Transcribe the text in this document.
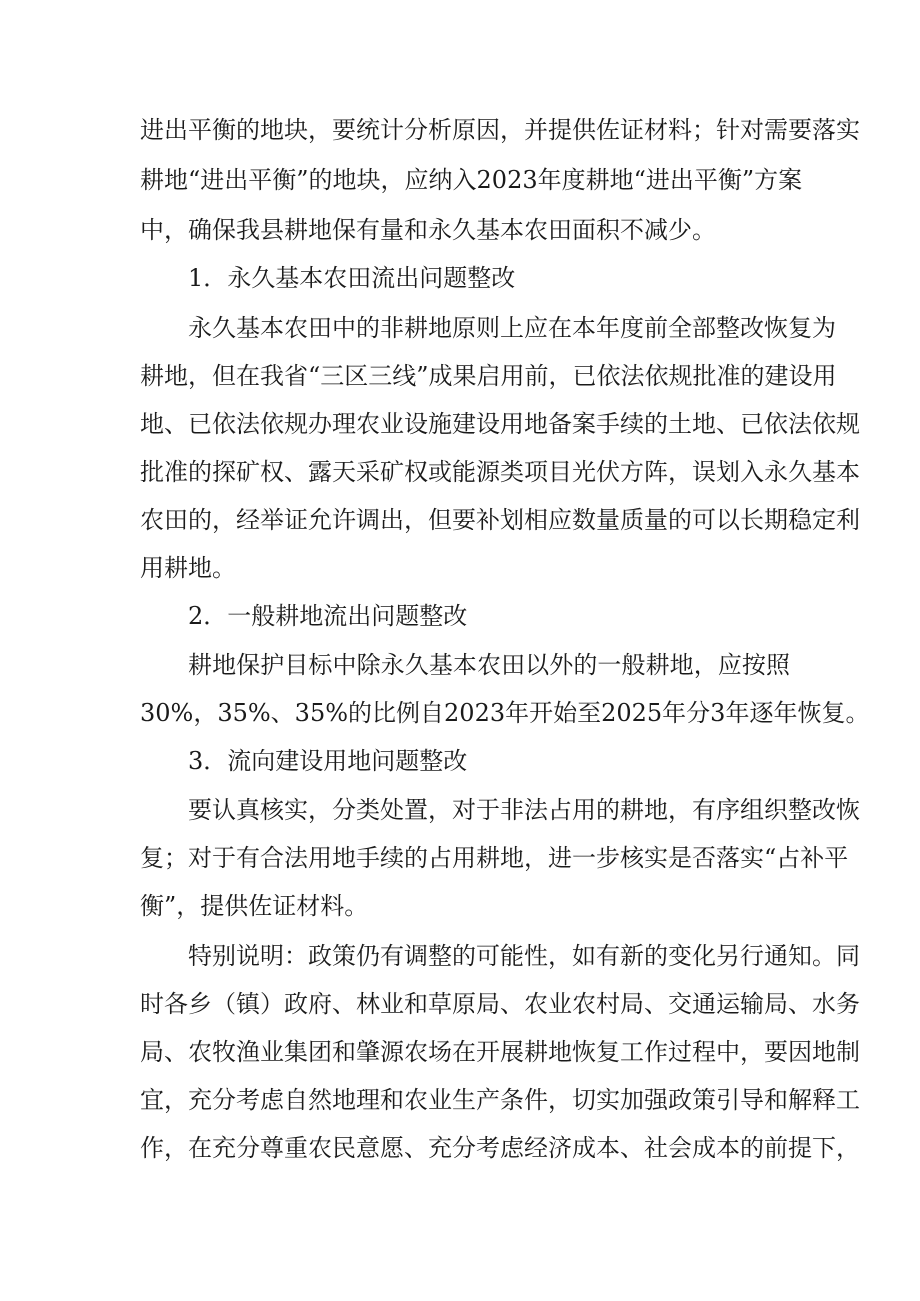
进出平衡的地块，要统计分析原因，并提供佐证材料；针对需要落实
耕地“进出平衡”的地块，应纳入2023年度耕地“进出平衡”方案
中，确保我县耕地保有量和永久基本农田面积不减少。
1．永久基本农田流出问题整改
永久基本农田中的非耕地原则上应在本年度前全部整改恢复为
耕地，但在我省“三区三线”成果启用前，已依法依规批准的建设用
地、已依法依规办理农业设施建设用地备案手续的土地、已依法依规
批准的探矿权、露天采矿权或能源类项目光伏方阵，误划入永久基本
农田的，经举证允许调出，但要补划相应数量质量的可以长期稳定利
用耕地。
2．一般耕地流出问题整改
耕地保护目标中除永久基本农田以外的一般耕地，应按照
30%，35%、35%的比例自2023年开始至2025年分3年逐年恢复。
3．流向建设用地问题整改
要认真核实，分类处置，对于非法占用的耕地，有序组织整改恢
复；对于有合法用地手续的占用耕地，进一步核实是否落实“占补平
衡”，提供佐证材料。
特别说明：政策仍有调整的可能性，如有新的变化另行通知。同
时各乡（镇）政府、林业和草原局、农业农村局、交通运输局、水务
局、农牧渔业集团和肇源农场在开展耕地恢复工作过程中，要因地制
宜，充分考虑自然地理和农业生产条件，切实加强政策引导和解释工
作，在充分尊重农民意愿、充分考虑经济成本、社会成本的前提下，
